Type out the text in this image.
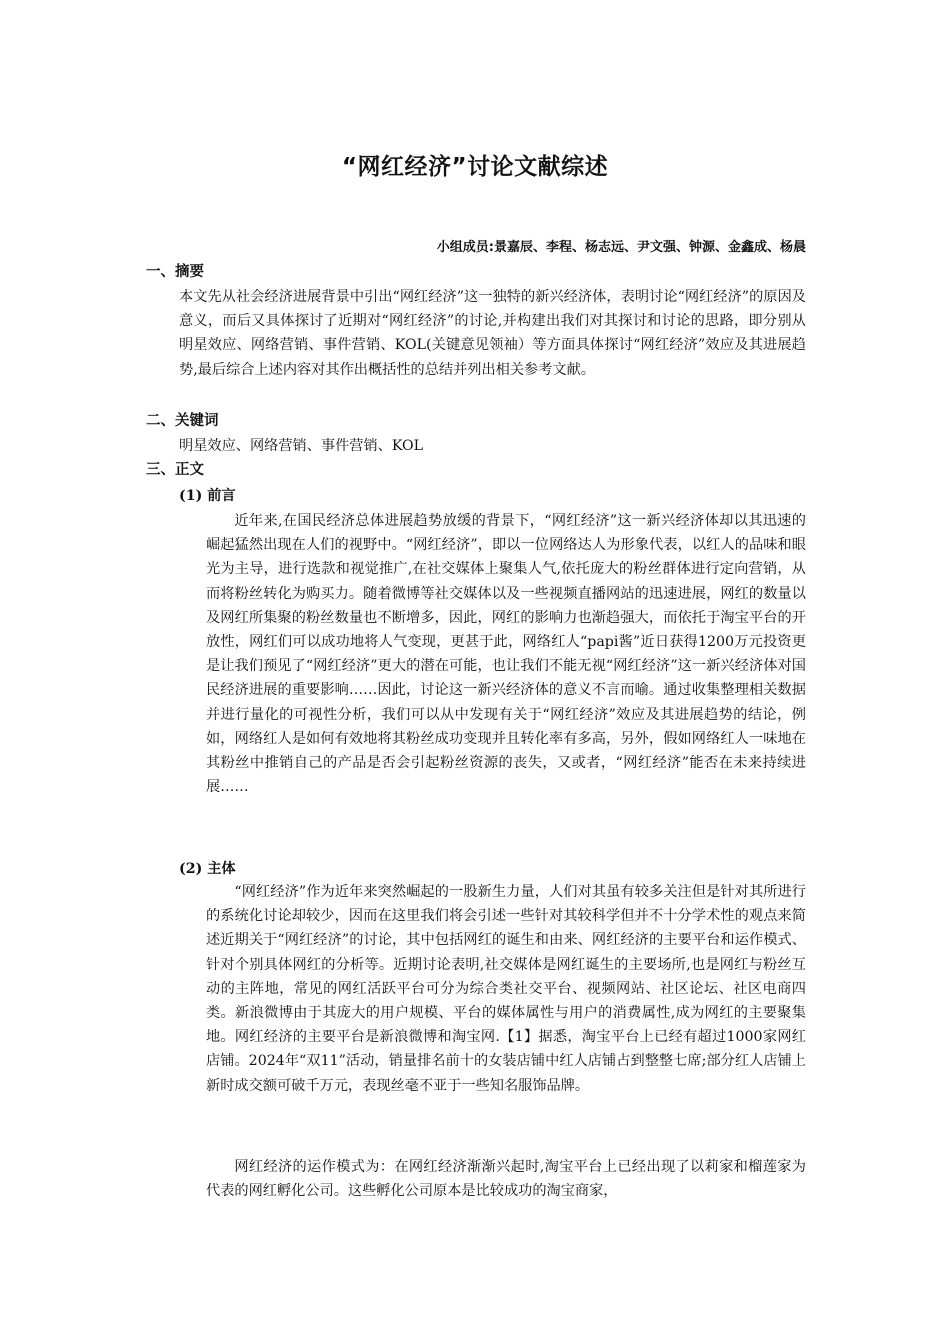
“网红经济”讨论文献综述

小组成员:景嘉辰、李程、杨志远、尹文强、钟源、金鑫成、杨晨

一、摘要

本文先从社会经济进展背景中引出“网红经济”这一独特的新兴经济体，表明讨论“网红经济”的原因及意义，而后又具体探讨了近期对“网红经济”的讨论,并构建出我们对其探讨和讨论的思路，即分别从明星效应、网络营销、事件营销、KOL(关键意见领袖）等方面具体探讨“网红经济”效应及其进展趋势,最后综合上述内容对其作出概括性的总结并列出相关参考文献。

二、关键词

明星效应、网络营销、事件营销、KOL

三、正文
(1) 前言

近年来,在国民经济总体进展趋势放缓的背景下，“网红经济”这一新兴经济体却以其迅速的崛起猛然出现在人们的视野中。“网红经济”，即以一位网络达人为形象代表，以红人的品味和眼光为主导，进行选款和视觉推广,在社交媒体上聚集人气,依托庞大的粉丝群体进行定向营销，从而将粉丝转化为购买力。随着微博等社交媒体以及一些视频直播网站的迅速进展，网红的数量以及网红所集聚的粉丝数量也不断增多，因此，网红的影响力也渐趋强大，而依托于淘宝平台的开放性，网红们可以成功地将人气变现，更甚于此，网络红人“papi酱”近日获得1200万元投资更是让我们预见了“网红经济”更大的潜在可能，也让我们不能无视“网红经济”这一新兴经济体对国民经济进展的重要影响……因此，讨论这一新兴经济体的意义不言而喻。通过收集整理相关数据并进行量化的可视性分析，我们可以从中发现有关于“网红经济”效应及其进展趋势的结论，例如，网络红人是如何有效地将其粉丝成功变现并且转化率有多高，另外，假如网络红人一味地在其粉丝中推销自己的产品是否会引起粉丝资源的丧失，又或者，“网红经济”能否在未来持续进展……

(2) 主体

“网红经济”作为近年来突然崛起的一股新生力量，人们对其虽有较多关注但是针对其所进行的系统化讨论却较少，因而在这里我们将会引述一些针对其较科学但并不十分学术性的观点来简述近期关于“网红经济”的讨论，其中包括网红的诞生和由来、网红经济的主要平台和运作模式、针对个别具体网红的分析等。近期讨论表明,社交媒体是网红诞生的主要场所,也是网红与粉丝互动的主阵地，常见的网红活跃平台可分为综合类社交平台、视频网站、社区论坛、社区电商四类。新浪微博由于其庞大的用户规模、平台的媒体属性与用户的消费属性,成为网红的主要聚集地。网红经济的主要平台是新浪微博和淘宝网.【1】据悉，淘宝平台上已经有超过1000家网红店铺。2024年“双11”活动，销量排名前十的女装店铺中红人店铺占到整整七席;部分红人店铺上新时成交额可破千万元，表现丝毫不亚于一些知名服饰品牌。

网红经济的运作模式为：在网红经济渐渐兴起时,淘宝平台上已经出现了以莉家和榴莲家为代表的网红孵化公司。这些孵化公司原本是比较成功的淘宝商家，
